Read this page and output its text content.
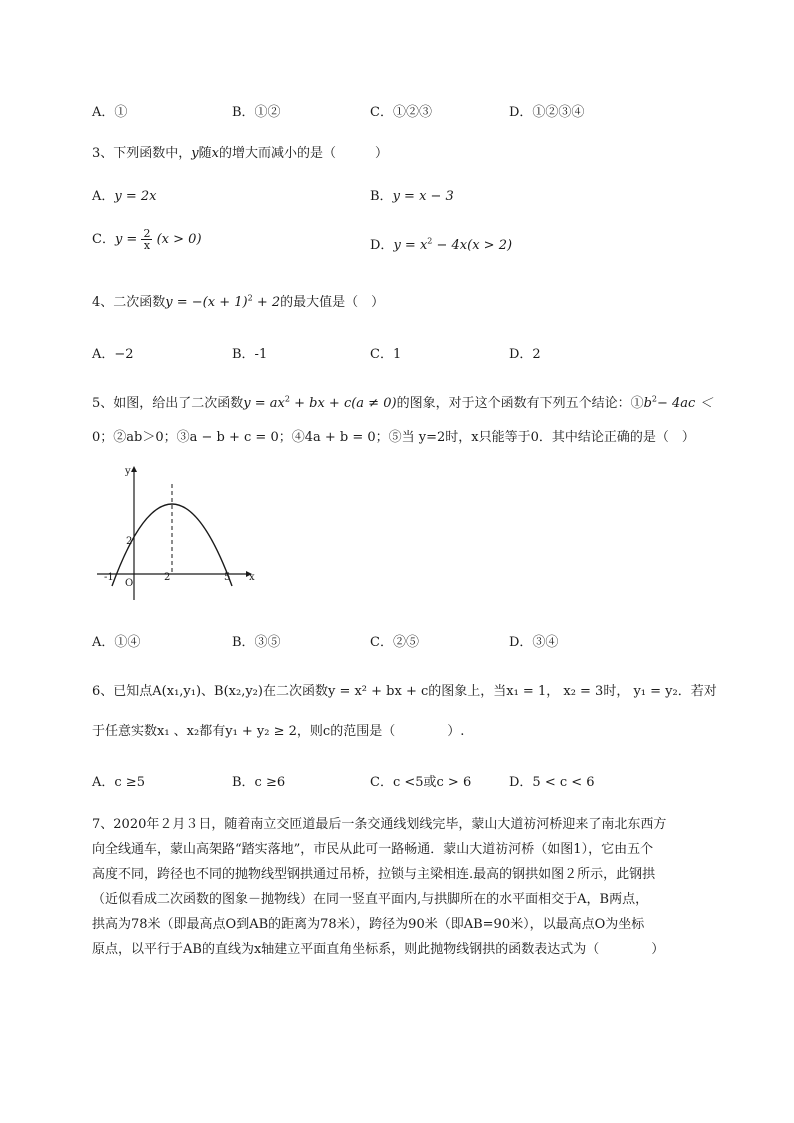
A．①	B．①②	C．①②③	D．①②③④
3、下列函数中，y随x的增大而减小的是（　　　）
A．y = 2x	B．y = x − 3
C．$y = \frac{2}{x} (x > 0)$	D．$y = x^2 - 4x(x > 2)$
4、二次函数$y = -(x + 1)^2 + 2$的最大值是（　）
A．−2	B．-1	C．1	D．2
5、如图，给出了二次函数$y = ax^2$ + bx + c(a ≠ 0)的图象，对于这个函数有下列五个结论：$①b^2- 4ac$ ＜
0；②ab＞0；③a − b + c = 0；④4a + b = 0；⑤当 y=2时，x只能等于0．其中结论正确的是（　）
y
x
O
-1
2
2	5
A．①④	B．③⑤	C．②⑤	D．③④
6、已知点A(x₁,y₁)、B(x₂,y₂)在二次函数y = x² + bx + c的图象上，当x₁ = 1， x₂ = 3时， y₁ = y₂．若对
于任意实数x₁ 、x₂都有y₁ + y₂ ≥ 2，则c的范围是（　　　　）.
A．c ≥5	B．c ≥6	C．c <5或c > 6	D．5 < c < 6
7、2020年２月３日，随着南立交匝道最后一条交通线划线完毕，蒙山大道祊河桥迎来了南北东西方
向全线通车，蒙山高架路“踏实落地”，市民从此可一路畅通．蒙山大道祊河桥（如图1），它由五个
高度不同，跨径也不同的抛物线型钢拱通过吊桥，拉锁与主梁相连.最高的钢拱如图２所示，此钢拱
（近似看成二次函数的图象－抛物线）在同一竖直平面内,与拱脚所在的水平面相交于A，B两点，
拱高为78米（即最高点O到AB的距离为78米），跨径为90米（即AB=90米），以最高点O为坐标
原点，以平行于AB的直线为x轴建立平面直角坐标系，则此抛物线钢拱的函数表达式为（　　　　）
